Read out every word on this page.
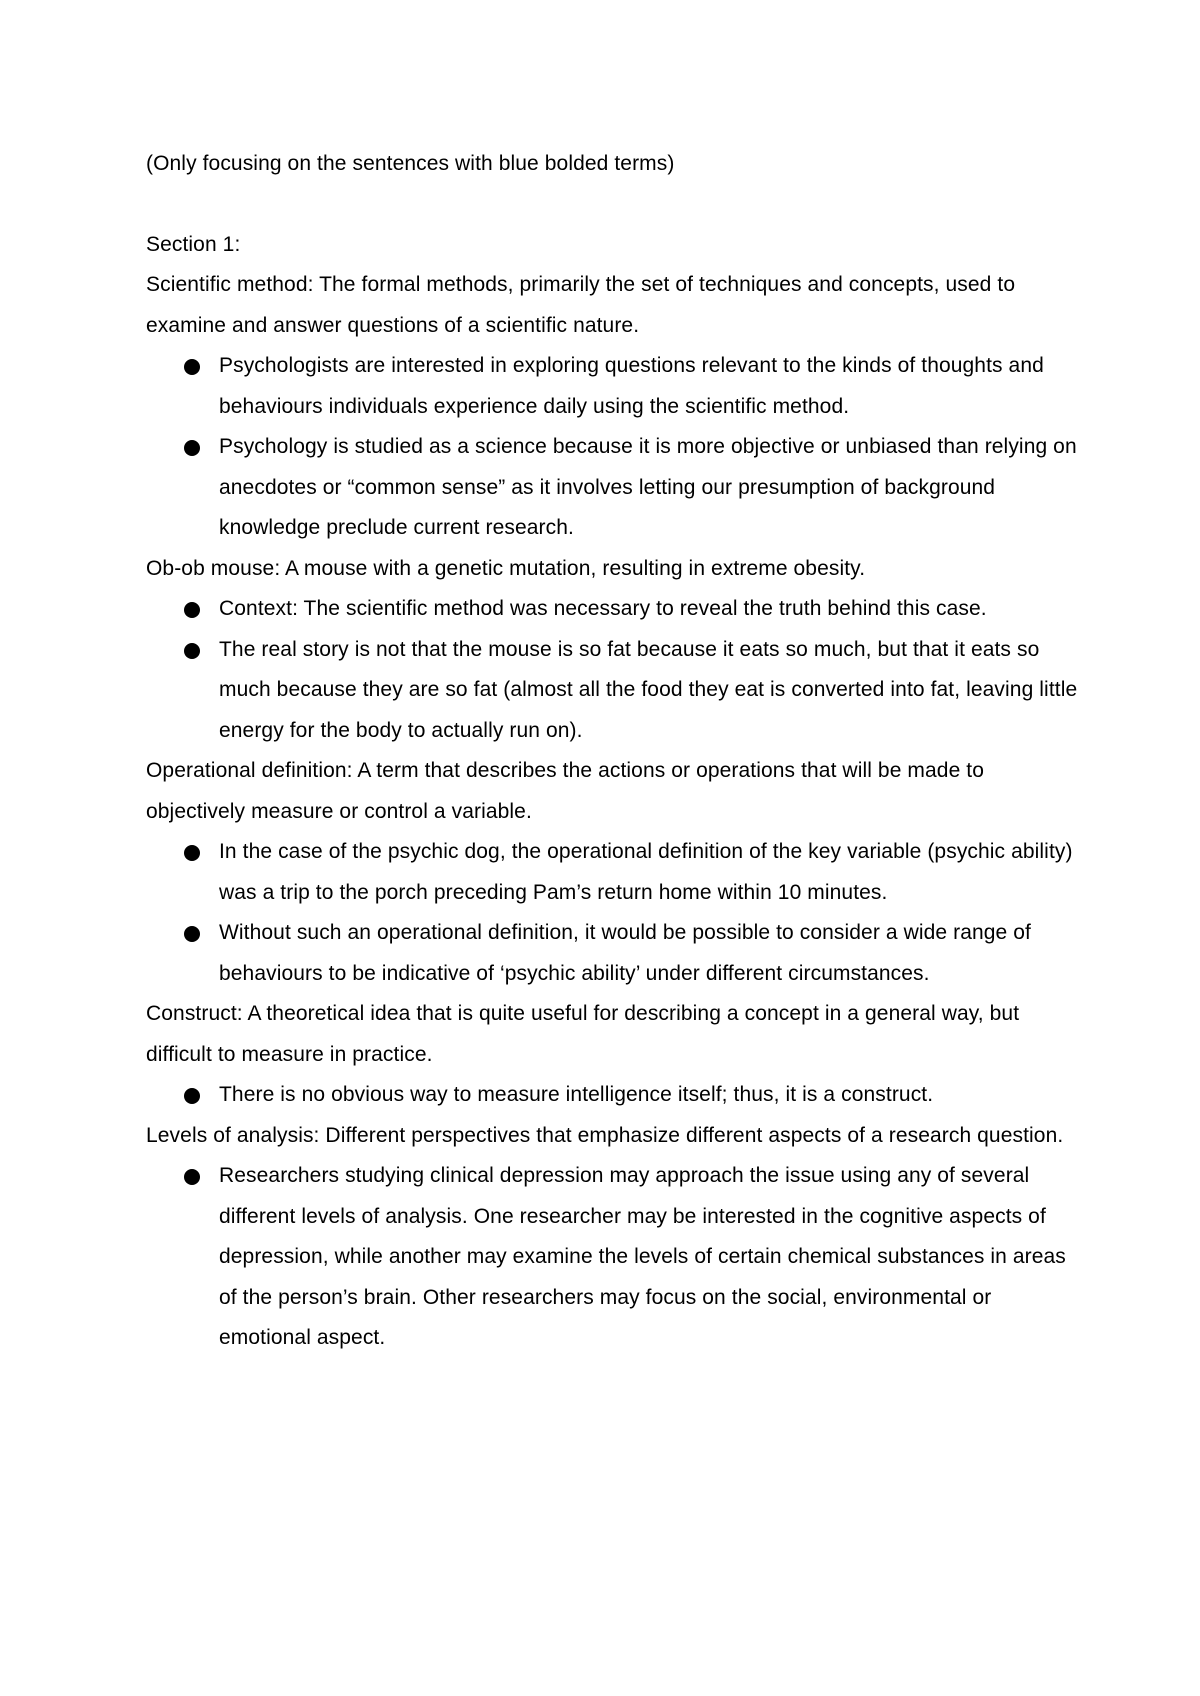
(Only focusing on the sentences with blue bolded terms)

Section 1:

Scientific method: The formal methods, primarily the set of techniques and concepts, used to examine and answer questions of a scientific nature.

Psychologists are interested in exploring questions relevant to the kinds of thoughts and behaviours individuals experience daily using the scientific method.
Psychology is studied as a science because it is more objective or unbiased than relying on anecdotes or “common sense” as it involves letting our presumption of background knowledge preclude current research.

Ob-ob mouse: A mouse with a genetic mutation, resulting in extreme obesity.

Context: The scientific method was necessary to reveal the truth behind this case.
The real story is not that the mouse is so fat because it eats so much, but that it eats so much because they are so fat (almost all the food they eat is converted into fat, leaving little energy for the body to actually run on).

Operational definition: A term that describes the actions or operations that will be made to objectively measure or control a variable.

In the case of the psychic dog, the operational definition of the key variable (psychic ability) was a trip to the porch preceding Pam’s return home within 10 minutes.
Without such an operational definition, it would be possible to consider a wide range of behaviours to be indicative of ‘psychic ability’ under different circumstances.

Construct: A theoretical idea that is quite useful for describing a concept in a general way, but difficult to measure in practice.

There is no obvious way to measure intelligence itself; thus, it is a construct.

Levels of analysis: Different perspectives that emphasize different aspects of a research question.

Researchers studying clinical depression may approach the issue using any of several different levels of analysis. One researcher may be interested in the cognitive aspects of depression, while another may examine the levels of certain chemical substances in areas of the person’s brain. Other researchers may focus on the social, environmental or emotional aspect.
